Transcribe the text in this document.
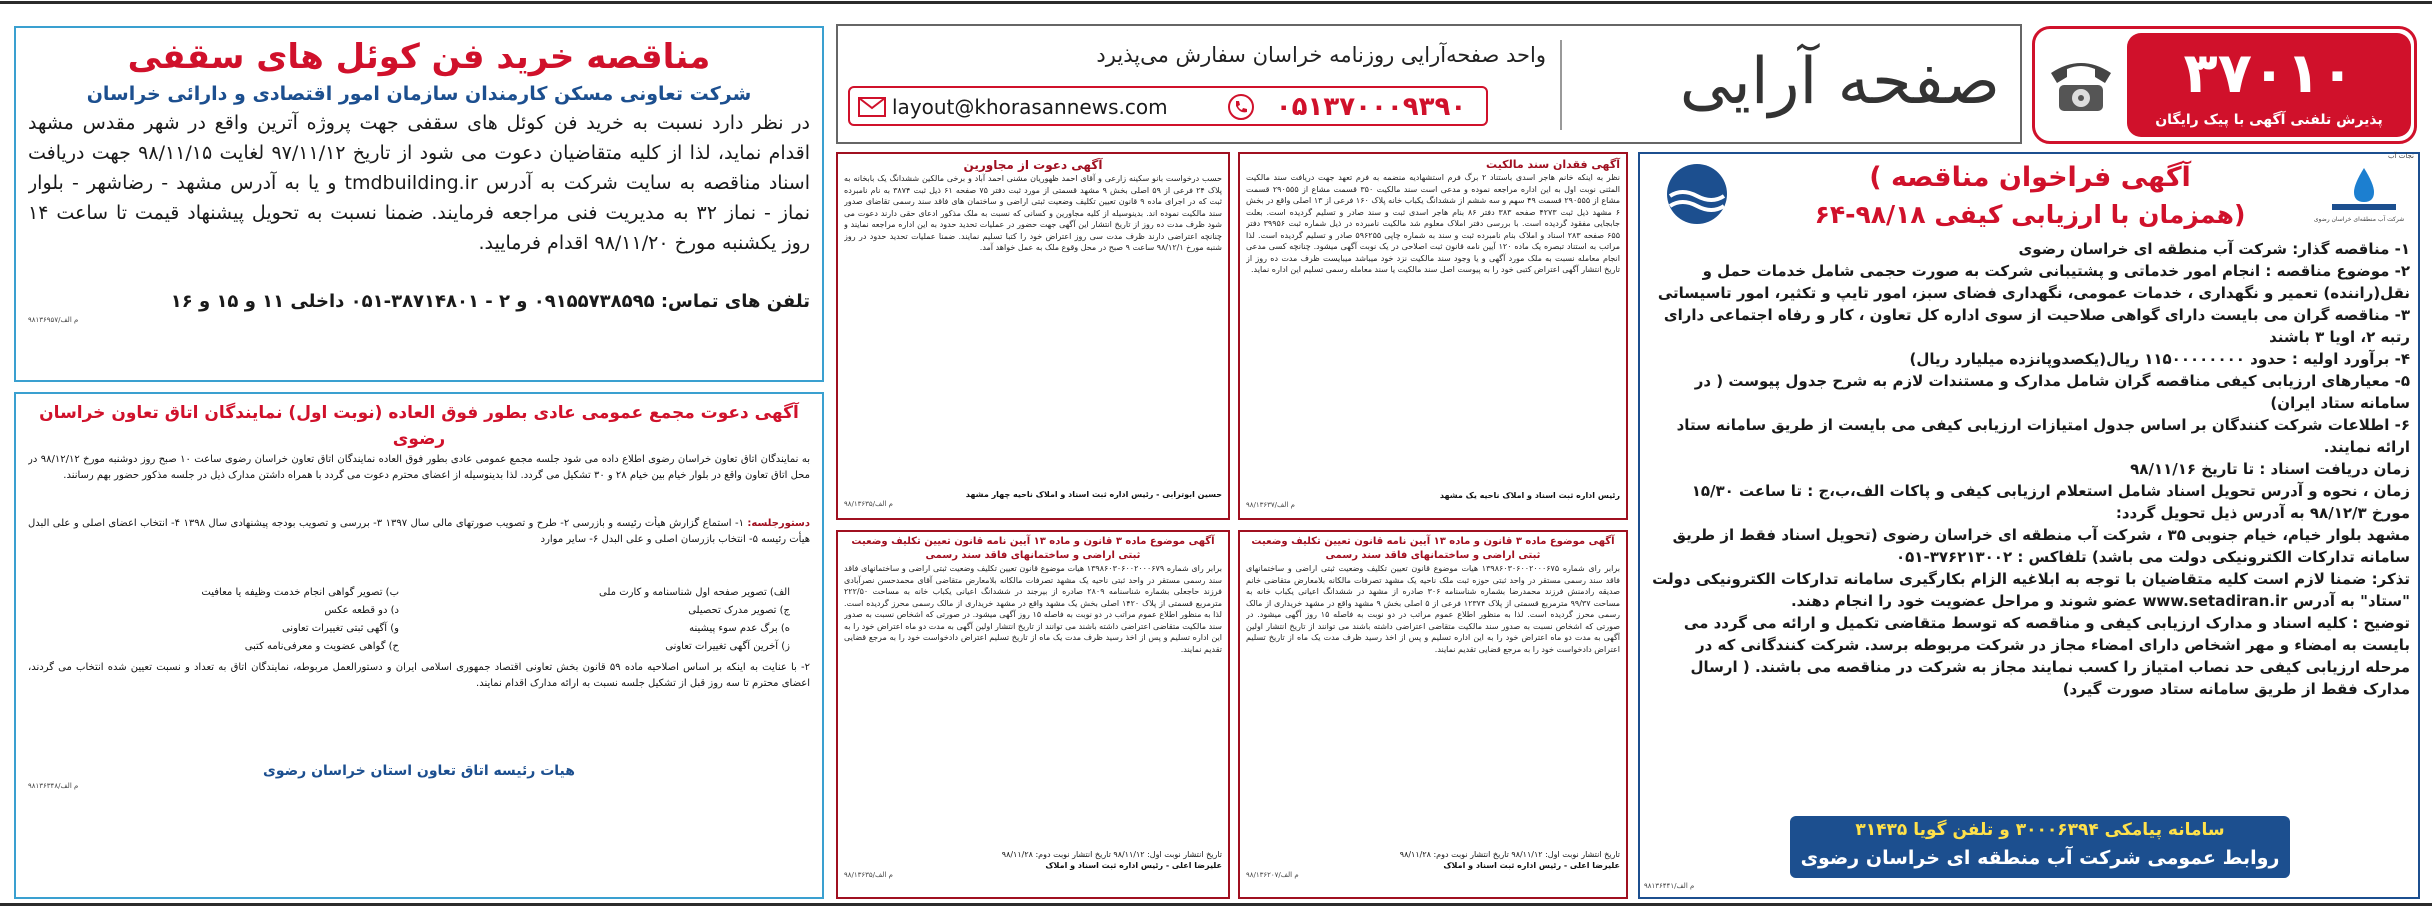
۳۷۰۱۰
پذیرش تلفنی آگهی با پیک رایگان
صفحه آرایی
واحد صفحه‌آرایی روزنامه خراسان سفارش می‌پذیرد
۰۵۱۳۷۰۰۰۹۳۹۰
layout@khorasannews.com
نجات آب
شرکت آب منطقه‌ای خراسان رضوی
( آگهی فراخوان مناقصه
همزمان با ارزیابی کیفی ۹۸/۱۸-۶۴)
۱- مناقصه گذار: شرکت آب منطقه ای خراسان رضوی
۲- موضوع مناقصه : انجام امور خدماتی و پشتیبانی شرکت به صورت حجمی شامل خدمات حمل و نقل(راننده) تعمیر و نگهداری ، خدمات عمومی، نگهداری فضای سبز، امور تایپ و تکثیر، امور تاسیساتی
۳- مناقصه گران می بایست دارای گواهی صلاحیت از سوی اداره کل تعاون ، کار و رفاه اجتماعی دارای رتبه ۲، اویا ۳ باشند
۴- برآورد اولیه : حدود ۱۱۵۰۰۰۰۰۰۰۰ ریال(یکصدوپانزده میلیارد ریال)
۵- معیارهای ارزیابی کیفی مناقصه گران شامل مدارک و مستندات لازم به شرح جدول پیوست ( در سامانه ستاد ایران)
۶- اطلاعات شرکت کنندگان بر اساس جدول امتیازات ارزیابی کیفی می بایست از طریق سامانه ستاد ارائه نمایند.
زمان دریافت اسناد : تا تاریخ ۹۸/۱۱/۱۶
زمان ، نحوه و آدرس تحویل اسناد شامل استعلام ارزیابی کیفی و پاکات الف،ب،ج : تا ساعت ۱۵/۳۰ مورخ ۹۸/۱۲/۳ به آدرس ذیل تحویل گردد:
مشهد بلوار خیام، خیام جنوبی ۳۵ ، شرکت آب منطقه ای خراسان رضوی (تحویل اسناد فقط از طریق سامانه تدارکات الکترونیکی دولت می باشد) تلفاکس : ۳۷۶۲۱۳۰۰۲-۰۵۱
تذکر: ضمنا لازم است کلیه متقاضیان با توجه به ابلاغیه الزام بکارگیری سامانه تدارکات الکترونیکی دولت "ستاد" به آدرس www.setadiran.ir عضو شوند و مراحل عضویت خود را انجام دهند.
توضیح : کلیه اسناد و مدارک ارزیابی کیفی و مناقصه که توسط متقاضی تکمیل و ارائه می گردد می بایست به امضاء و مهر اشخاص دارای امضاء مجاز در شرکت مربوطه برسد. شرکت کنندگانی که در مرحله ارزیابی کیفی حد نصاب امتیاز را کسب نمایند مجاز به شرکت در مناقصه می باشند. ( ارسال مدارک فقط از طریق سامانه ستاد صورت گیرد)
سامانه پیامکی ۳۰۰۰۶۳۹۴ و تلفن گویا ۳۱۴۳۵
روابط عمومی شرکت آب منطقه ای خراسان رضوی
۹۸۱۳۶۴۴۱/م الف
آگهی فقدان سند مالکیت
نظر به اینکه خانم هاجر اسدی باستناد ۲ برگ فرم استشهادیه منضمه به فرم تعهد جهت دریافت سند مالکیت المثنی نوبت اول به این اداره مراجعه نموده و مدعی است سند مالکیت ۳۵۰ قسمت مشاع از ۲۹۰۵۵۵ قسمت مشاع از ۲۹۰۵۵۵ قسمت ۴۹ سهم و سه ششم از ششدانگ یکباب خانه پلاک ۱۶۰ فرعی از ۱۳ اصلی واقع در بخش ۶ مشهد ذیل ثبت ۴۲۷۳ صفحه ۳۸۳ دفتر ۸۶ بنام هاجر اسدی ثبت و سند صادر و تسلیم گردیده است. بعلت جابجایی مفقود گردیده است. با بررسی دفتر املاک معلوم شد مالکیت نامبرده در ذیل شماره ثبت ۳۹۹۵۶ دفتر ۶۵۵ صفحه ۲۸۳ اسناد و املاک بنام نامبرده ثبت و سند به شماره چاپی ۵۹۶۲۵۵ صادر و تسلیم گردیده است. لذا مراتب به استناد تبصره یک ماده ۱۲۰ آیین نامه قانون ثبت اصلاحی در یک نوبت آگهی میشود. چنانچه کسی مدعی انجام معامله نسبت به ملک مورد آگهی و یا وجود سند مالکیت نزد خود میباشد میبایست ظرف مدت ده روز از تاریخ انتشار آگهی اعتراض کتبی خود را به پیوست اصل سند مالکیت یا سند معامله رسمی تسلیم این اداره نماید.
رئیس اداره ثبت اسناد و املاک ناحیه یک مشهد
۹۸/۱۳۶۳۷/م الف
آگهی دعوت از مجاورین
حسب درخواست بانو سکینه زارعی و آقای احمد ظهوریان مشنی احمد آباد و برخی مالکین ششدانگ یک بابخانه به پلاک ۲۴ فرعی از ۵۹ اصلی بخش ۹ مشهد قسمتی از مورد ثبت دفتر ۷۵ صفحه ۶۱ ذیل ثبت ۳۸۷۴ به نام نامبرده ثبت که در اجرای ماده ۹ قانون تعیین تکلیف وضعیت ثبتی اراضی و ساختمان های فاقد سند رسمی تقاضای صدور سند مالکیت نموده اند. بدینوسیله از کلیه مجاورین و کسانی که نسبت به ملک مذکور ادعای حقی دارند دعوت می شود ظرف مدت ده روز از تاریخ انتشار این آگهی جهت حضور در عملیات تحدید حدود به این اداره مراجعه نمایند و چنانچه اعتراضی دارند ظرف مدت سی روز اعتراض خود را کتبا تسلیم نمایند. ضمنا عملیات تحدید حدود در روز شنبه مورخ ۹۸/۱۲/۱ ساعت ۹ صبح در محل وقوع ملک به عمل خواهد آمد.
حسین ابوترابی - رئیس اداره ثبت اسناد و املاک ناحیه چهار مشهد
۹۸/۱۳۶۳۵/م الف
آگهی موضوع ماده ۳ قانون و ماده ۱۳ آیین نامه قانون تعیین تکلیف وضعیت ثبتی اراضی و ساختمانهای فاقد سند رسمی
برابر رای شماره ۱۳۹۸۶۰۳۰۶۰۰۲۰۰۰۶۷۵ هیات موضوع قانون تعیین تکلیف وضعیت ثبتی اراضی و ساختمانهای فاقد سند رسمی مستقر در واحد ثبتی حوزه ثبت ملک ناحیه یک مشهد تصرفات مالکانه بلامعارض متقاضی خانم صدیقه رادمنش فرزند محمدرضا بشماره شناسنامه ۳۰۶ صادره از مشهد در ششدانگ اعیانی یکباب خانه به مساحت ۹۹/۳۷ مترمربع قسمتی از پلاک ۱۲۳۷۴ فرعی از ۵ اصلی بخش ۹ مشهد واقع در مشهد خریداری از مالک رسمی محرز گردیده است. لذا به منظور اطلاع عموم مراتب در دو نوبت به فاصله ۱۵ روز آگهی میشود. در صورتی که اشخاص نسبت به صدور سند مالکیت متقاضی اعتراضی داشته باشند می توانند از تاریخ انتشار اولین آگهی به مدت دو ماه اعتراض خود را به این اداره تسلیم و پس از اخذ رسید ظرف مدت یک ماه از تاریخ تسلیم اعتراض دادخواست خود را به مرجع قضایی تقدیم نمایند.
تاریخ انتشار نوبت اول: ۹۸/۱۱/۱۲ تاریخ انتشار نوبت دوم: ۹۸/۱۱/۲۸
علیرضا اعلی - رئیس اداره ثبت اسناد و املاک
۹۸/۱۳۶۲۰۷/م الف
آگهی موضوع ماده ۳ قانون و ماده ۱۳ آیین نامه قانون تعیین تکلیف وضعیت ثبتی اراضی و ساختمانهای فاقد سند رسمی
برابر رای شماره ۱۳۹۸۶۰۳۰۶۰۰۲۰۰۰۶۷۹ هیات موضوع قانون تعیین تکلیف وضعیت ثبتی اراضی و ساختمانهای فاقد سند رسمی مستقر در واحد ثبتی ناحیه یک مشهد تصرفات مالکانه بلامعارض متقاضی آقای محمدحسن نصرآبادی فرزند حاجعلی بشماره شناسنامه ۲۸۰۹ صادره از بیرجند در ششدانگ اعیانی یکباب خانه به مساحت ۲۲۲/۵۰ مترمربع قسمتی از پلاک ۱۴۲۰ اصلی بخش یک مشهد واقع در مشهد خریداری از مالک رسمی محرز گردیده است. لذا به منظور اطلاع عموم مراتب در دو نوبت به فاصله ۱۵ روز آگهی میشود. در صورتی که اشخاص نسبت به صدور سند مالکیت متقاضی اعتراضی داشته باشند می توانند از تاریخ انتشار اولین آگهی به مدت دو ماه اعتراض خود را به این اداره تسلیم و پس از اخذ رسید ظرف مدت یک ماه از تاریخ تسلیم اعتراض دادخواست خود را به مرجع قضایی تقدیم نمایند.
تاریخ انتشار نوبت اول: ۹۸/۱۱/۱۲ تاریخ انتشار نوبت دوم: ۹۸/۱۱/۲۸
علیرضا اعلی - رئیس اداره ثبت اسناد و املاک
۹۸/۱۳۶۳۵/م الف
مناقصه خرید فن کوئل های سقفی
شرکت تعاونی مسکن کارمندان سازمان امور اقتصادی و دارائی خراسان
در نظر دارد نسبت به خرید فن کوئل های سقفی جهت پروژه آترین واقع در شهر مقدس مشهد اقدام نماید، لذا از کلیه متقاضیان دعوت می شود از تاریخ ۹۷/۱۱/۱۲ لغایت ۹۸/۱۱/۱۵ جهت دریافت اسناد مناقصه به سایت شرکت به آدرس tmdbuilding.ir و یا به آدرس مشهد - رضاشهر - بلوار نماز - نماز ۳۲ به مدیریت فنی مراجعه فرمایند. ضمنا نسبت به تحویل پیشنهاد قیمت تا ساعت ۱۴ روز یکشنبه مورخ ۹۸/۱۱/۲۰ اقدام فرمایید.
تلفن های تماس: ۰۹۱۵۵۷۳۸۵۹۵ و ۲ - ۳۸۷۱۴۸۰۱-۰۵۱ داخلی ۱۱ و ۱۵ و ۱۶
۹۸۱۳۶۹۵۷/م الف
آگهی دعوت مجمع عمومی عادی بطور فوق العاده (نوبت اول) نمایندگان اتاق تعاون خراسان رضوی
به نمایندگان اتاق تعاون خراسان رضوی اطلاع داده می شود جلسه مجمع عمومی عادی بطور فوق العاده نمایندگان اتاق تعاون خراسان رضوی ساعت ۱۰ صبح روز دوشنبه مورخ ۹۸/۱۲/۱۲ در محل اتاق تعاون واقع در بلوار خیام بین خیام ۲۸ و ۳۰ تشکیل می گردد. لذا بدینوسیله از اعضای محترم دعوت می گردد با همراه داشتن مدارک ذیل در جلسه مذکور حضور بهم رسانند.
دستورجلسه: ۱- استماع گزارش هیأت رئیسه و بازرسی ۲- طرح و تصویب صورتهای مالی سال ۱۳۹۷ ۳- بررسی و تصویب بودجه پیشنهادی سال ۱۳۹۸ ۴- انتخاب اعضای اصلی و علی البدل هیأت رئیسه ۵- انتخاب بازرسان اصلی و علی البدل ۶- سایر موارد
الف) تصویر صفحه اول شناسنامه و کارت ملی
ب) تصویر گواهی انجام خدمت وظیفه یا معافیت
ج) تصویر مدرک تحصیلی
د) دو قطعه عکس
ه) برگ عدم سوء پیشینه
و) آگهی ثبتی تغییرات تعاونی
ز) آخرین آگهی تغییرات تعاونی
ح) گواهی عضویت و معرفی‌نامه کتبی
۲- با عنایت به اینکه بر اساس اصلاحیه ماده ۵۹ قانون بخش تعاونی اقتصاد جمهوری اسلامی ایران و دستورالعمل مربوطه، نمایندگان اتاق به تعداد و نسبت تعیین شده انتخاب می گردند، اعضای محترم تا سه روز قبل از تشکیل جلسه نسبت به ارائه مدارک اقدام نمایند.
هیات رئیسه اتاق تعاون استان خراسان رضوی
۹۸۱۳۶۳۴۸/م الف
